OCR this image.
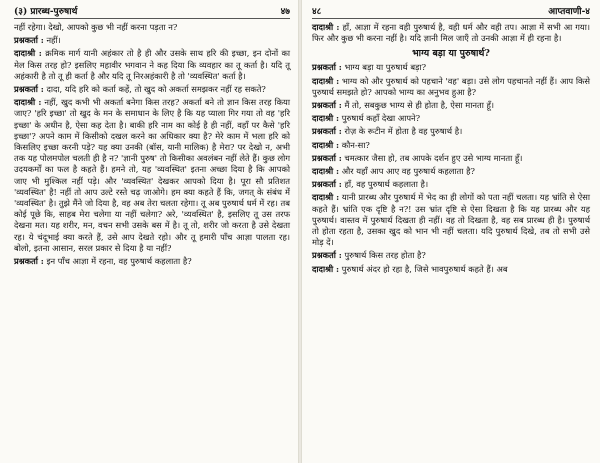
(३) प्रारब्ध-पुरुषार्थ	४७

नहीं रहेगा। देखो, आपको कुछ भी नहीं करना पड़ता न?

प्रश्नकर्ता : नहीं।

दादाश्री : क्रमिक मार्ग यानी अहंकार तो है ही और उसके साथ हरि की इच्छा, इन दोनों का मेल किस तरह हो? इसलिए महावीर भगवान ने कह दिया कि व्यवहार का तू कर्ता है। यदि तू अहंकारी है तो तू ही कर्ता है और यदि तू निरअहंकारी है तो 'व्यवस्थित' कर्ता है।

प्रश्नकर्ता : दादा, यदि हरि को कर्ता कहें, तो खुद को अकर्ता समझकर नहीं रह सकते?

दादाश्री : नहीं, खुद कभी भी अकर्ता बनेगा किस तरह? अकर्ता बने तो ज्ञान किस तरह किया जाए? 'हरि इच्छा' तो खुद के मन के समाधान के लिए है कि यह प्याला गिर गया तो वह 'हरि इच्छा' के अधीन है, ऐसा कह देता है। बाकी हरि नाम का कोई है ही नहीं, वहाँ पर कैसे 'हरि इच्छा'? अपने काम में किसीको दखल करने का अधिकार क्या है? मेरे काम में भला हरि को किसलिए इच्छा करनी पड़े? यह क्या उनकी (बॉस, यानी मालिक) है मेरा? पर देखो न, अभी तक यह पोलमपोल चलती ही है न? 'ज्ञानी पुरुष' तो किसीका अवलंबन नहीं लेते हैं। कुछ लोग उदयकर्मों का फल है कहते हैं। हमने तो, यह 'व्यवस्थित' इतना अच्छा दिया है कि आपको जाए भी मुश्किल नहीं पड़े। और 'व्यवस्थित' देखकर आपको दिया है। पूरा सौ प्रतिशत 'व्यवस्थित' है! नहीं तो आप उल्टे रस्ते चढ़ जाओगे। हम क्या कहते हैं कि, जगत् के संबंध में 'व्यवस्थित' है। तुझे मैंने जो दिया है, वह अब तेरा चलता रहेगा। तू अब पुरुषार्थ धर्म में रह। तब कोई पूछे कि, साहब मेरा चलेगा या नहीं चलेगा? अरे, 'व्यवस्थित' है, इसलिए तू उस तरफ देखना मत। यह शरीर, मन, वचन सभी उसके बस में है। तू तो, शरीर जो करता है उसे देखता रह। ये चंदूभाई क्या करते हैं, उसे आप देखते रहो। और तू हमारी पाँच आज्ञा पालता रह। बोलो, इतना आसान, सरल प्रकार से दिया है या नहीं?

प्रश्नकर्ता : इन पाँच आज्ञा में रहना, वह पुरुषार्थ कहलाता है?

४८	आप्तवाणी-४

दादाश्री : हाँ, आज्ञा में रहना वही पुरुषार्थ है, वही धर्म और वही तप। आज्ञा में सभी आ गया। फिर और कुछ भी करना नहीं है। यदि ज्ञानी मिल जाएँ तो उनकी आज्ञा में ही रहना है।

भाग्य बड़ा या पुरुषार्थ?

प्रश्नकर्ता : भाग्य बड़ा या पुरुषार्थ बड़ा?

दादाश्री : भाग्य को और पुरुषार्थ को पहचाने 'वह' बड़ा। उसे लोग पहचानते नहीं हैं। आप किसे पुरुषार्थ समझते हो? आपको भाग्य का अनुभव हुआ है?

प्रश्नकर्ता : मैं तो, सबकुछ भाग्य से ही होता है, ऐसा मानता हूँ।

दादाश्री : पुरुषार्थ कहाँ देखा आपने?

प्रश्नकर्ता : रोज़ के रूटीन में होता है वह पुरुषार्थ है।

दादाश्री : कौन-सा?

प्रश्नकर्ता : चमत्कार जैसा हो, तब आपके दर्शन हुए उसे भाग्य मानता हूँ।

दादाश्री : और यहाँ आप आए वह पुरुषार्थ कहलाता है?

प्रश्नकर्ता : हाँ, वह पुरुषार्थ कहलाता है।

दादाश्री : यानी प्रारब्ध और पुरुषार्थ में भेद का ही लोगों को पता नहीं चलता। यह भ्रांति से ऐसा कहते हैं। भ्रांति एक दृष्टि है न?! उस भ्रांत दृष्टि से ऐसा दिखता है कि यह प्रारब्ध और यह पुरुषार्थ। वास्तव में पुरुषार्थ दिखता ही नहीं। वह तो दिखता है, वह सब प्रारब्ध ही है। पुरुषार्थ तो होता रहता है, उसका खुद को भान भी नहीं चलता। यदि पुरुषार्थ दिखे, तब तो सभी उसे मोड़ दें।

प्रश्नकर्ता : पुरुषार्थ किस तरह होता है?

दादाश्री : पुरुषार्थ अंदर हो रहा है, जिसे भावपुरुषार्थ कहते हैं। अब
